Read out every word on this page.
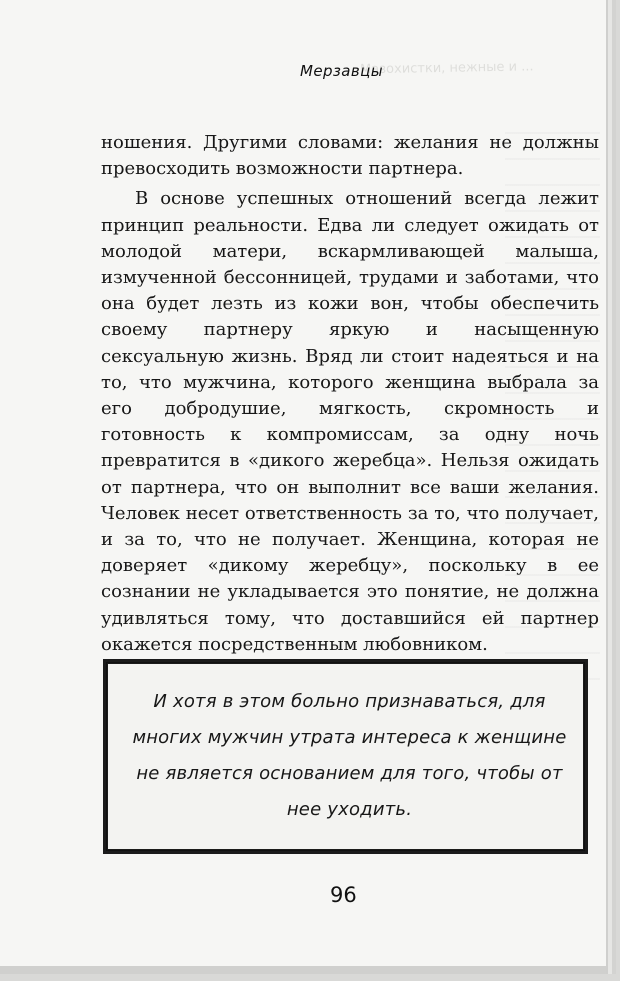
Мазохистки, нежные и ...
Мерзавцы

ношения. Другими словами: желания не должны превосходить возможности партнера.

В основе успешных отношений всегда лежит принцип реальности. Едва ли следует ожидать от молодой матери, вскармливающей малыша, измученной бессонницей, трудами и заботами, что она будет лезть из кожи вон, чтобы обеспечить своему партнеру яркую и насыщенную сексуальную жизнь. Вряд ли стоит надеяться и на то, что мужчина, которого женщина выбрала за его добродушие, мягкость, скромность и готовность к компромиссам, за одну ночь превратится в «дикого жеребца». Нельзя ожидать от партнера, что он выполнит все ваши желания. Человек несет ответственность за то, что получает, и за то, что не получает. Женщина, которая не доверяет «дикому жеребцу», поскольку в ее сознании не укладывается это понятие, не должна удивляться тому, что доставшийся ей партнер окажется посредственным любовником.

И хотя в этом больно признаваться, для многих мужчин утрата интереса к женщине не является основанием для того, чтобы от нее уходить.
96
